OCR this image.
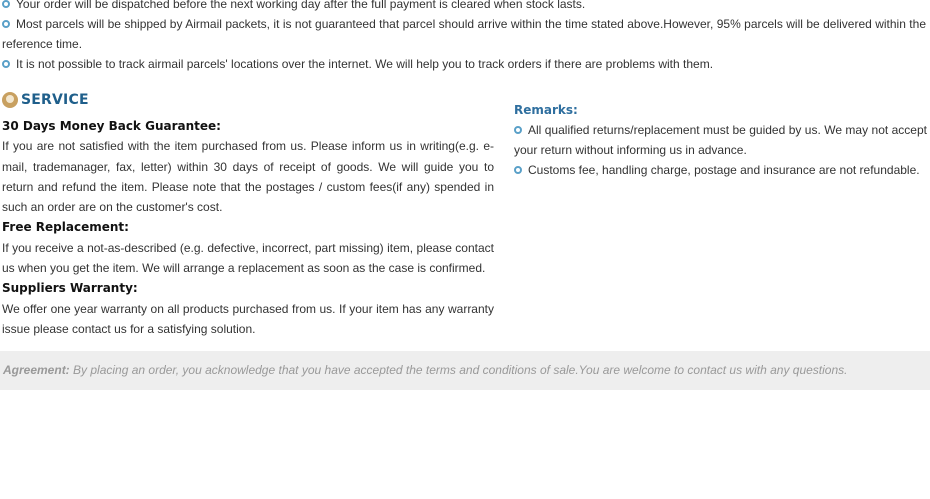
Your order will be dispatched before the next working day after the full payment is cleared when stock lasts.
Most parcels will be shipped by Airmail packets, it is not guaranteed that parcel should arrive within the time stated above.However, 95% parcels will be delivered within the reference time.
It is not possible to track airmail parcels' locations over the internet. We will help you to track orders if there are problems with them.
SERVICE
30 Days Money Back Guarantee:
If you are not satisfied with the item purchased from us. Please inform us in writing(e.g. e-mail, trademanager, fax, letter) within 30 days of receipt of goods. We will guide you to return and refund the item. Please note that the postages / custom fees(if any) spended in such an order are on the customer's cost.
Free Replacement:
If you receive a not-as-described (e.g. defective, incorrect, part missing) item, please contact us when you get the item. We will arrange a replacement as soon as the case is confirmed.
Suppliers Warranty:
We offer one year warranty on all products purchased from us. If your item has any warranty issue please contact us for a satisfying solution.
Remarks:
All qualified returns/replacement must be guided by us. We may not accept your return without informing us in advance.
Customs fee, handling charge, postage and insurance are not refundable.
Agreement: By placing an order, you acknowledge that you have accepted the terms and conditions of sale.You are welcome to contact us with any questions.
